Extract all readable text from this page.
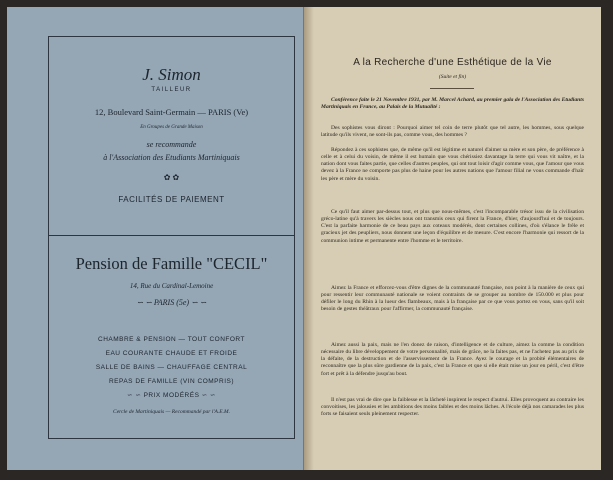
J. Simon
TAILLEUR
12, Boulevard Saint-Germain — PARIS (Ve)
En Groupes de Grande Maison
se recommande
à l'Association des Etudiants Martiniquais
✿ ✿
FACILITÉS DE PAIEMENT
Pension de Famille "CECIL"
14, Rue du Cardinal-Lemoine
∽ ∽ PARIS (5e) ∽ ∽
CHAMBRE & PENSION — TOUT CONFORT
EAU COURANTE CHAUDE ET FROIDE
SALLE DE BAINS — CHAUFFAGE CENTRAL
REPAS DE FAMILLE (VIN COMPRIS)
∽ ∽ PRIX MODÉRÉS ∽ ∽
Cercle de Martiniquais — Recommandé par l'A.E.M.
A la Recherche d'une Esthétique de la Vie
(Suite et fin)
Conférence faite le 21 Novembre 1931, par M. Marcel Achard, au premier gala de l'Association des Etudiants Martiniquais en France, au Palais de la Mutualité :
Des sophistes vous diront : Pourquoi aimer tel coin de terre plutôt que tel autre, les hommes, sous quelque latitude qu'ils vivent, ne sont-ils pas, comme vous, des hommes ?
Répondez à ces sophistes que, de même qu'il est légitime et naturel d'aimer sa mère et son père, de préférence à celle et à celui du voisin, de même il est humain que vous chérissiez davantage la terre qui vous vit naître, et la nation dont vous faites partie, que celles d'autres peuples, qui ont tout loisir d'agir comme vous, que l'amour que vous devez à la France ne comporte pas plus de haine pour les autres nations que l'amour filial ne vous commande d'haïr les père et mère du voisin.
Ce qu'il faut aimer par-dessus tout, et plus que nous-mêmes, c'est l'incomparable trésor issu de la civilisation gréco-latine qu'à travers les siècles nous ont transmis ceux qui firent la France, d'hier, d'aujourd'hui et de toujours. C'est la parfaite harmonie de ce beau pays aux coteaux modérés, dont certaines collines, d'où s'élance le frêle et gracieux jet des peupliers, nous donnent une leçon d'équilibre et de mesure. C'est encore l'harmonie qui ressort de la communion intime et permanente entre l'homme et le territoire.
Aimez la France et efforcez-vous d'être dignes de la communauté française, non point à la manière de ceux qui pour ressentir leur communauté nationale se voient contraints de se grouper au nombre de 150.000 et plus pour défiler le long du Rhin à la lueur des flambeaux, mais à la française par ce que vous portez en vous, sans qu'il soit besoin de gestes théâtraux pour l'affirmer, la communauté française.
Aimez aussi la paix, mais ne l'en donez de raison, d'intelligence et de culture, aimez la comme la condition nécessaire du libre développement de votre personnalité, mais de grâce, ne la faites pas, et ne l'achetez pas au prix de la défaite, de la destruction et de l'asservissement de la France. Ayez le courage et la probité élémentaires de reconnaître que la plus sûre gardienne de la paix, c'est la France et que si elle était mise un jour en péril, c'est d'être fort et prêt à la défendre jusqu'au bout.
Il n'est pas vrai de dire que la faiblesse et la lâcheté inspirent le respect d'autrui. Elles provoquent au contraire les convoitises, les jalousies et les ambitions des moins faibles et des moins lâches. A l'école déjà nos camarades les plus forts se faisaient seuls pleinement respecter.
